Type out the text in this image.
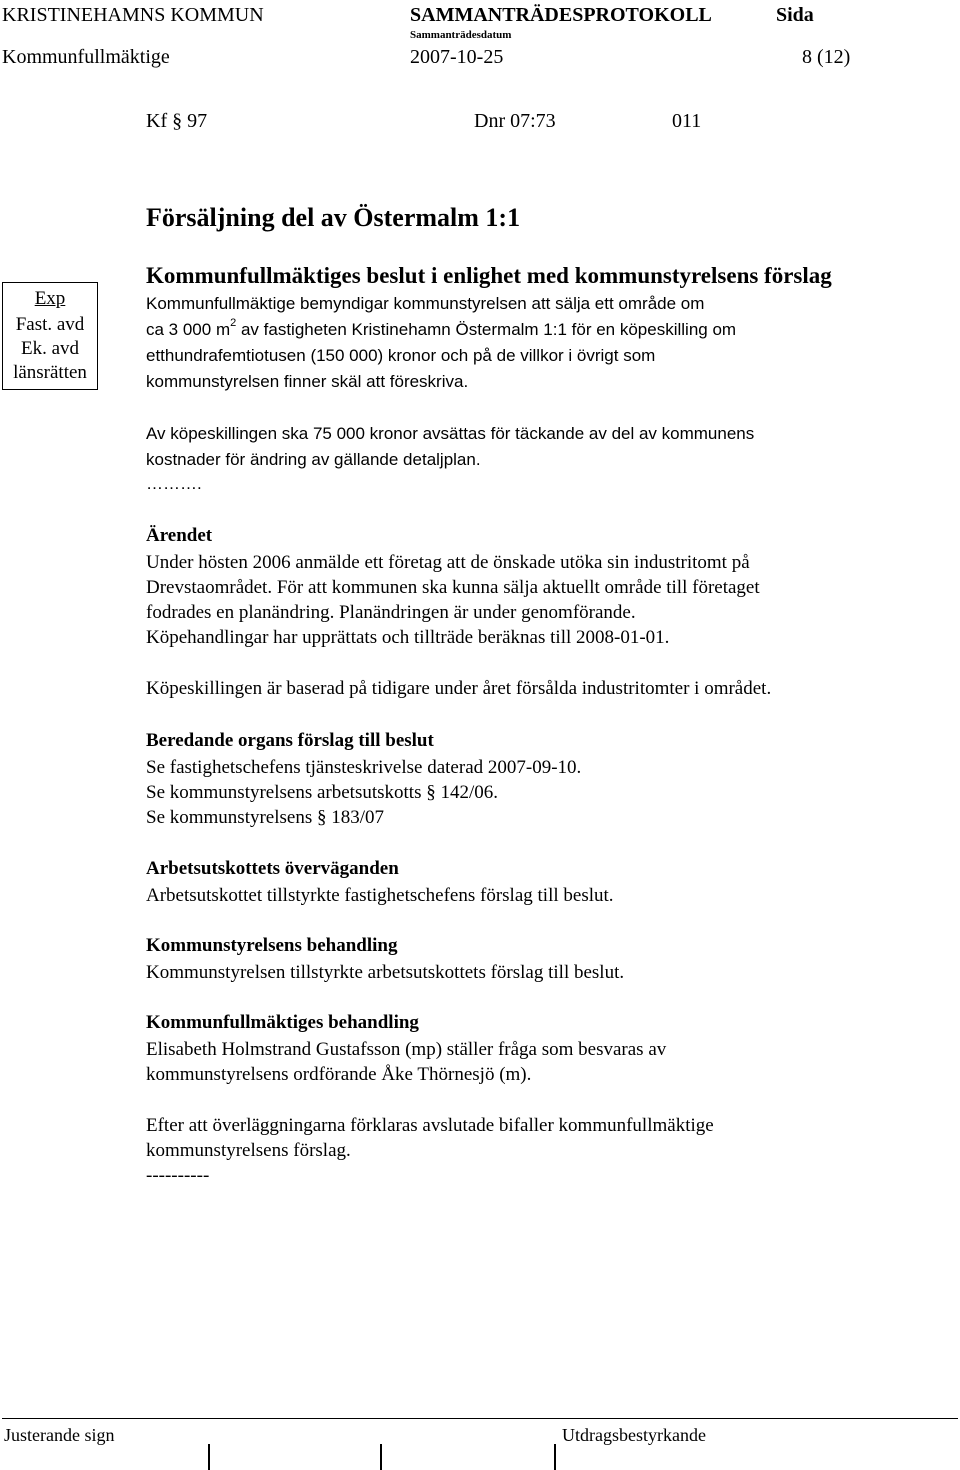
KRISTINEHAMNS KOMMUN	SAMMANTRÄDESPROTOKOLL	Sida
Sammanträdesdatum
Kommunfullmäktige	2007-10-25	8 (12)
Kf § 97	Dnr 07:73	011
Försäljning del av Östermalm 1:1
Exp
Fast. avd
Ek. avd
länsrätten
Kommunfullmäktiges beslut i enlighet med kommunstyrelsens förslag
Kommunfullmäktige bemyndigar kommunstyrelsen att sälja ett område om
ca 3 000 $m^2$ av fastigheten Kristinehamn Östermalm 1:1 för en köpeskilling om
etthundrafemtiotusen (150 000) kronor och på de villkor i övrigt som
kommunstyrelsen finner skäl att föreskriva.
Av köpeskillingen ska 75 000 kronor avsättas för täckande av del av kommunens
kostnader för ändring av gällande detaljplan.
……….
Ärendet
Under hösten 2006 anmälde ett företag att de önskade utöka sin industritomt på
Drevstaområdet. För att kommunen ska kunna sälja aktuellt område till företaget
fodrades en planändring. Planändringen är under genomförande.
Köpehandlingar har upprättats och tillträde beräknas till 2008-01-01.
Köpeskillingen är baserad på tidigare under året försålda industritomter i området.
Beredande organs förslag till beslut
Se fastighetschefens tjänsteskrivelse daterad 2007-09-10.
Se kommunstyrelsens arbetsutskotts § 142/06.
Se kommunstyrelsens § 183/07
Arbetsutskottets överväganden
Arbetsutskottet tillstyrkte fastighetschefens förslag till beslut.
Kommunstyrelsens behandling
Kommunstyrelsen tillstyrkte arbetsutskottets förslag till beslut.
Kommunfullmäktiges behandling
Elisabeth Holmstrand Gustafsson (mp) ställer fråga som besvaras av
kommunstyrelsens ordförande Åke Thörnesjö (m).
Efter att överläggningarna förklaras avslutade bifaller kommunfullmäktige
kommunstyrelsens förslag.
----------
Justerande sign	Utdragsbestyrkande
